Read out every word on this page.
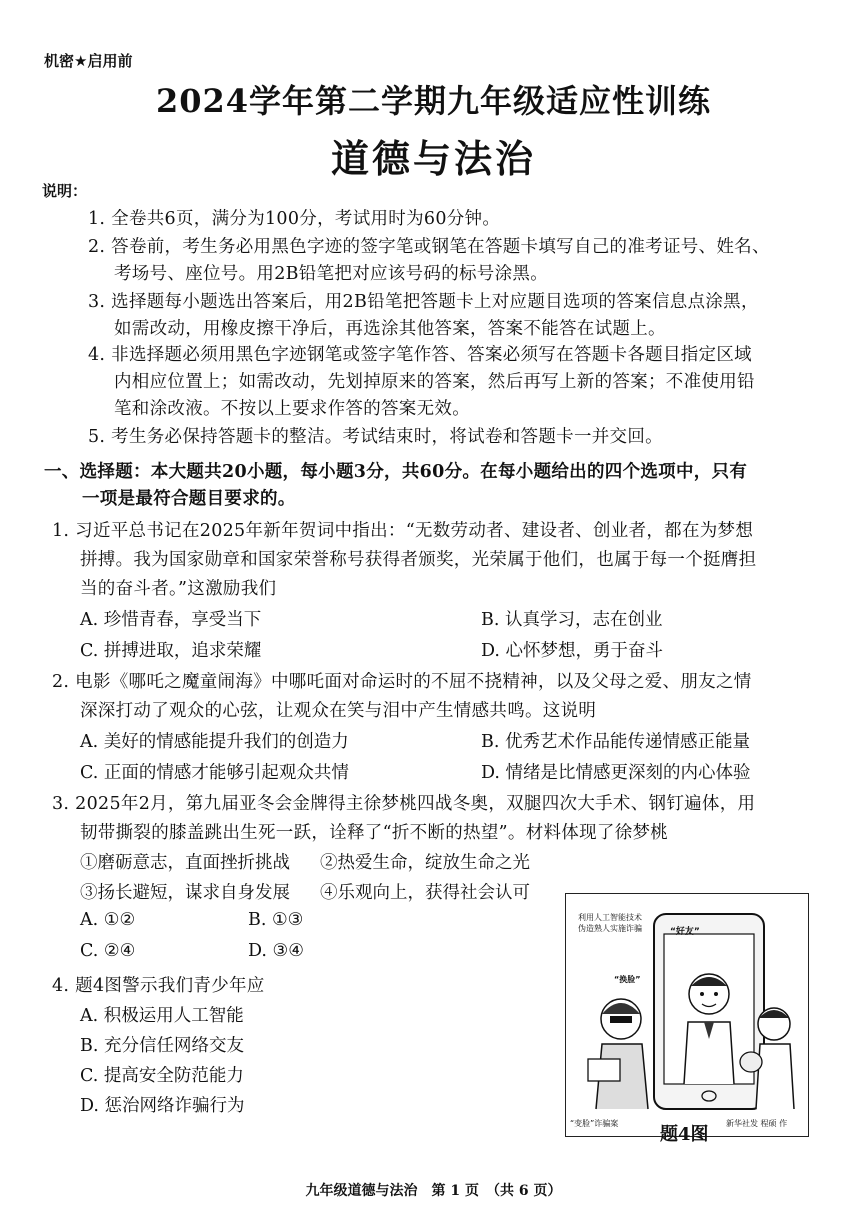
机密★启用前
2024学年第二学期九年级适应性训练
道德与法治
说明：
1. 全卷共6页，满分为100分，考试用时为60分钟。
2. 答卷前，考生务必用黑色字迹的签字笔或钢笔在答题卡填写自己的准考证号、姓名、
考场号、座位号。用2B铅笔把对应该号码的标号涂黑。
3. 选择题每小题选出答案后，用2B铅笔把答题卡上对应题目选项的答案信息点涂黑，
如需改动，用橡皮擦干净后，再选涂其他答案，答案不能答在试题上。
4. 非选择题必须用黑色字迹钢笔或签字笔作答、答案必须写在答题卡各题目指定区域
内相应位置上；如需改动，先划掉原来的答案，然后再写上新的答案；不准使用铅
笔和涂改液。不按以上要求作答的答案无效。
5. 考生务必保持答题卡的整洁。考试结束时，将试卷和答题卡一并交回。
一、选择题：本大题共20小题，每小题3分，共60分。在每小题给出的四个选项中，只有
一项是最符合题目要求的。
1. 习近平总书记在2025年新年贺词中指出：“无数劳动者、建设者、创业者，都在为梦想
拼搏。我为国家勋章和国家荣誉称号获得者颁奖，光荣属于他们，也属于每一个挺膺担
当的奋斗者。”这激励我们
A. 珍惜青春，享受当下	B. 认真学习，志在创业
C. 拼搏进取，追求荣耀	D. 心怀梦想，勇于奋斗
2. 电影《哪吒之魔童闹海》中哪吒面对命运时的不屈不挠精神，以及父母之爱、朋友之情
深深打动了观众的心弦，让观众在笑与泪中产生情感共鸣。这说明
A. 美好的情感能提升我们的创造力	B. 优秀艺术作品能传递情感正能量
C. 正面的情感才能够引起观众共情	D. 情绪是比情感更深刻的内心体验
3. 2025年2月，第九届亚冬会金牌得主徐梦桃四战冬奥，双腿四次大手术、钢钉遍体，用
韧带撕裂的膝盖跳出生死一跃，诠释了“折不断的热望”。材料体现了徐梦桃
①磨砺意志，直面挫折挑战 ②热爱生命，绽放生命之光
③扬长避短，谋求自身发展 ④乐观向上，获得社会认可
A. ①②	B. ①③
C. ②④	D. ③④
4. 题4图警示我们青少年应
A. 积极运用人工智能
B. 充分信任网络交友
C. 提高安全防范能力
D. 惩治网络诈骗行为
“好友”
利用人工智能技术
伪造熟人实施诈骗
“换脸”
“变脸”诈骗案	新华社发 程硕 作
题4图
九年级道德与法治　第 1 页　（共 6 页）
